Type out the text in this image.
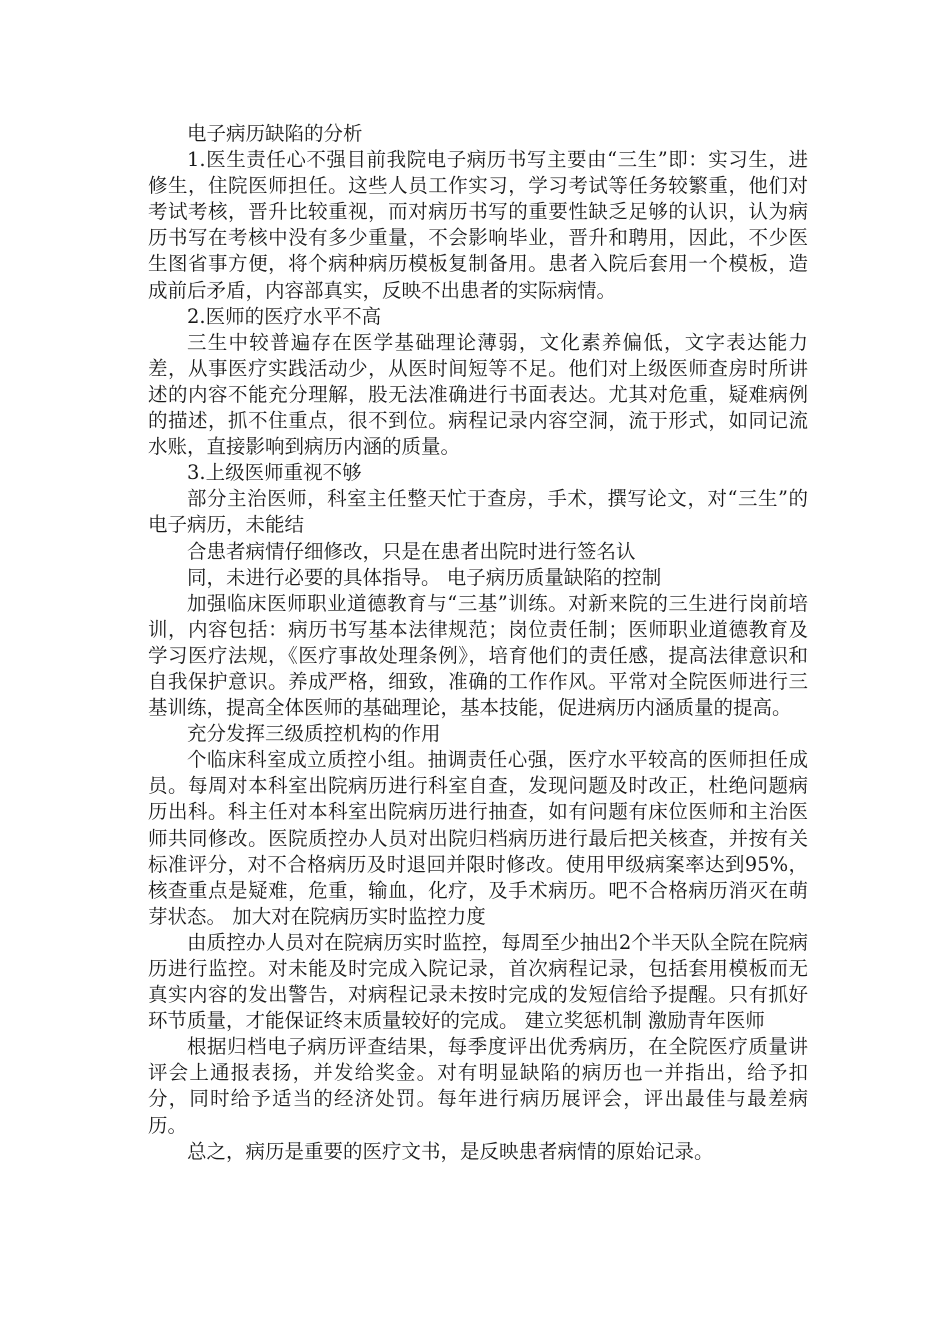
电子病历缺陷的分析

1.医生责任心不强目前我院电子病历书写主要由“三生”即：实习生，进修生，住院医师担任。这些人员工作实习，学习考试等任务较繁重，他们对考试考核，晋升比较重视，而对病历书写的重要性缺乏足够的认识，认为病历书写在考核中没有多少重量，不会影响毕业，晋升和聘用，因此，不少医生图省事方便，将个病种病历模板复制备用。患者入院后套用一个模板，造成前后矛盾，内容部真实，反映不出患者的实际病情。

2.医师的医疗水平不高

三生中较普遍存在医学基础理论薄弱，文化素养偏低，文字表达能力差，从事医疗实践活动少，从医时间短等不足。他们对上级医师查房时所讲述的内容不能充分理解，股无法准确进行书面表达。尤其对危重，疑难病例的描述，抓不住重点，很不到位。病程记录内容空洞，流于形式，如同记流水账，直接影响到病历内涵的质量。

3.上级医师重视不够

部分主治医师，科室主任整天忙于查房，手术，撰写论文，对“三生”的电子病历，未能结

合患者病情仔细修改，只是在患者出院时进行签名认

同，未进行必要的具体指导。 电子病历质量缺陷的控制

加强临床医师职业道德教育与“三基”训练。对新来院的三生进行岗前培训，内容包括：病历书写基本法律规范；岗位责任制；医师职业道德教育及学习医疗法规，《医疗事故处理条例》，培育他们的责任感，提高法律意识和自我保护意识。养成严格，细致，准确的工作作风。平常对全院医师进行三基训练，提高全体医师的基础理论，基本技能，促进病历内涵质量的提高。

充分发挥三级质控机构的作用

个临床科室成立质控小组。抽调责任心强，医疗水平较高的医师担任成员。每周对本科室出院病历进行科室自查，发现问题及时改正，杜绝问题病历出科。科主任对本科室出院病历进行抽查，如有问题有床位医师和主治医师共同修改。医院质控办人员对出院归档病历进行最后把关核查，并按有关标准评分，对不合格病历及时退回并限时修改。使用甲级病案率达到95%，核查重点是疑难，危重，输血，化疗，及手术病历。吧不合格病历消灭在萌芽状态。 加大对在院病历实时监控力度

由质控办人员对在院病历实时监控，每周至少抽出2个半天队全院在院病历进行监控。对未能及时完成入院记录，首次病程记录，包括套用模板而无真实内容的发出警告，对病程记录未按时完成的发短信给予提醒。只有抓好环节质量，才能保证终末质量较好的完成。 建立奖惩机制 激励青年医师

根据归档电子病历评查结果，每季度评出优秀病历，在全院医疗质量讲评会上通报表扬，并发给奖金。对有明显缺陷的病历也一并指出，给予扣分，同时给予适当的经济处罚。每年进行病历展评会，评出最佳与最差病历。

总之，病历是重要的医疗文书，是反映患者病情的原始记录。
